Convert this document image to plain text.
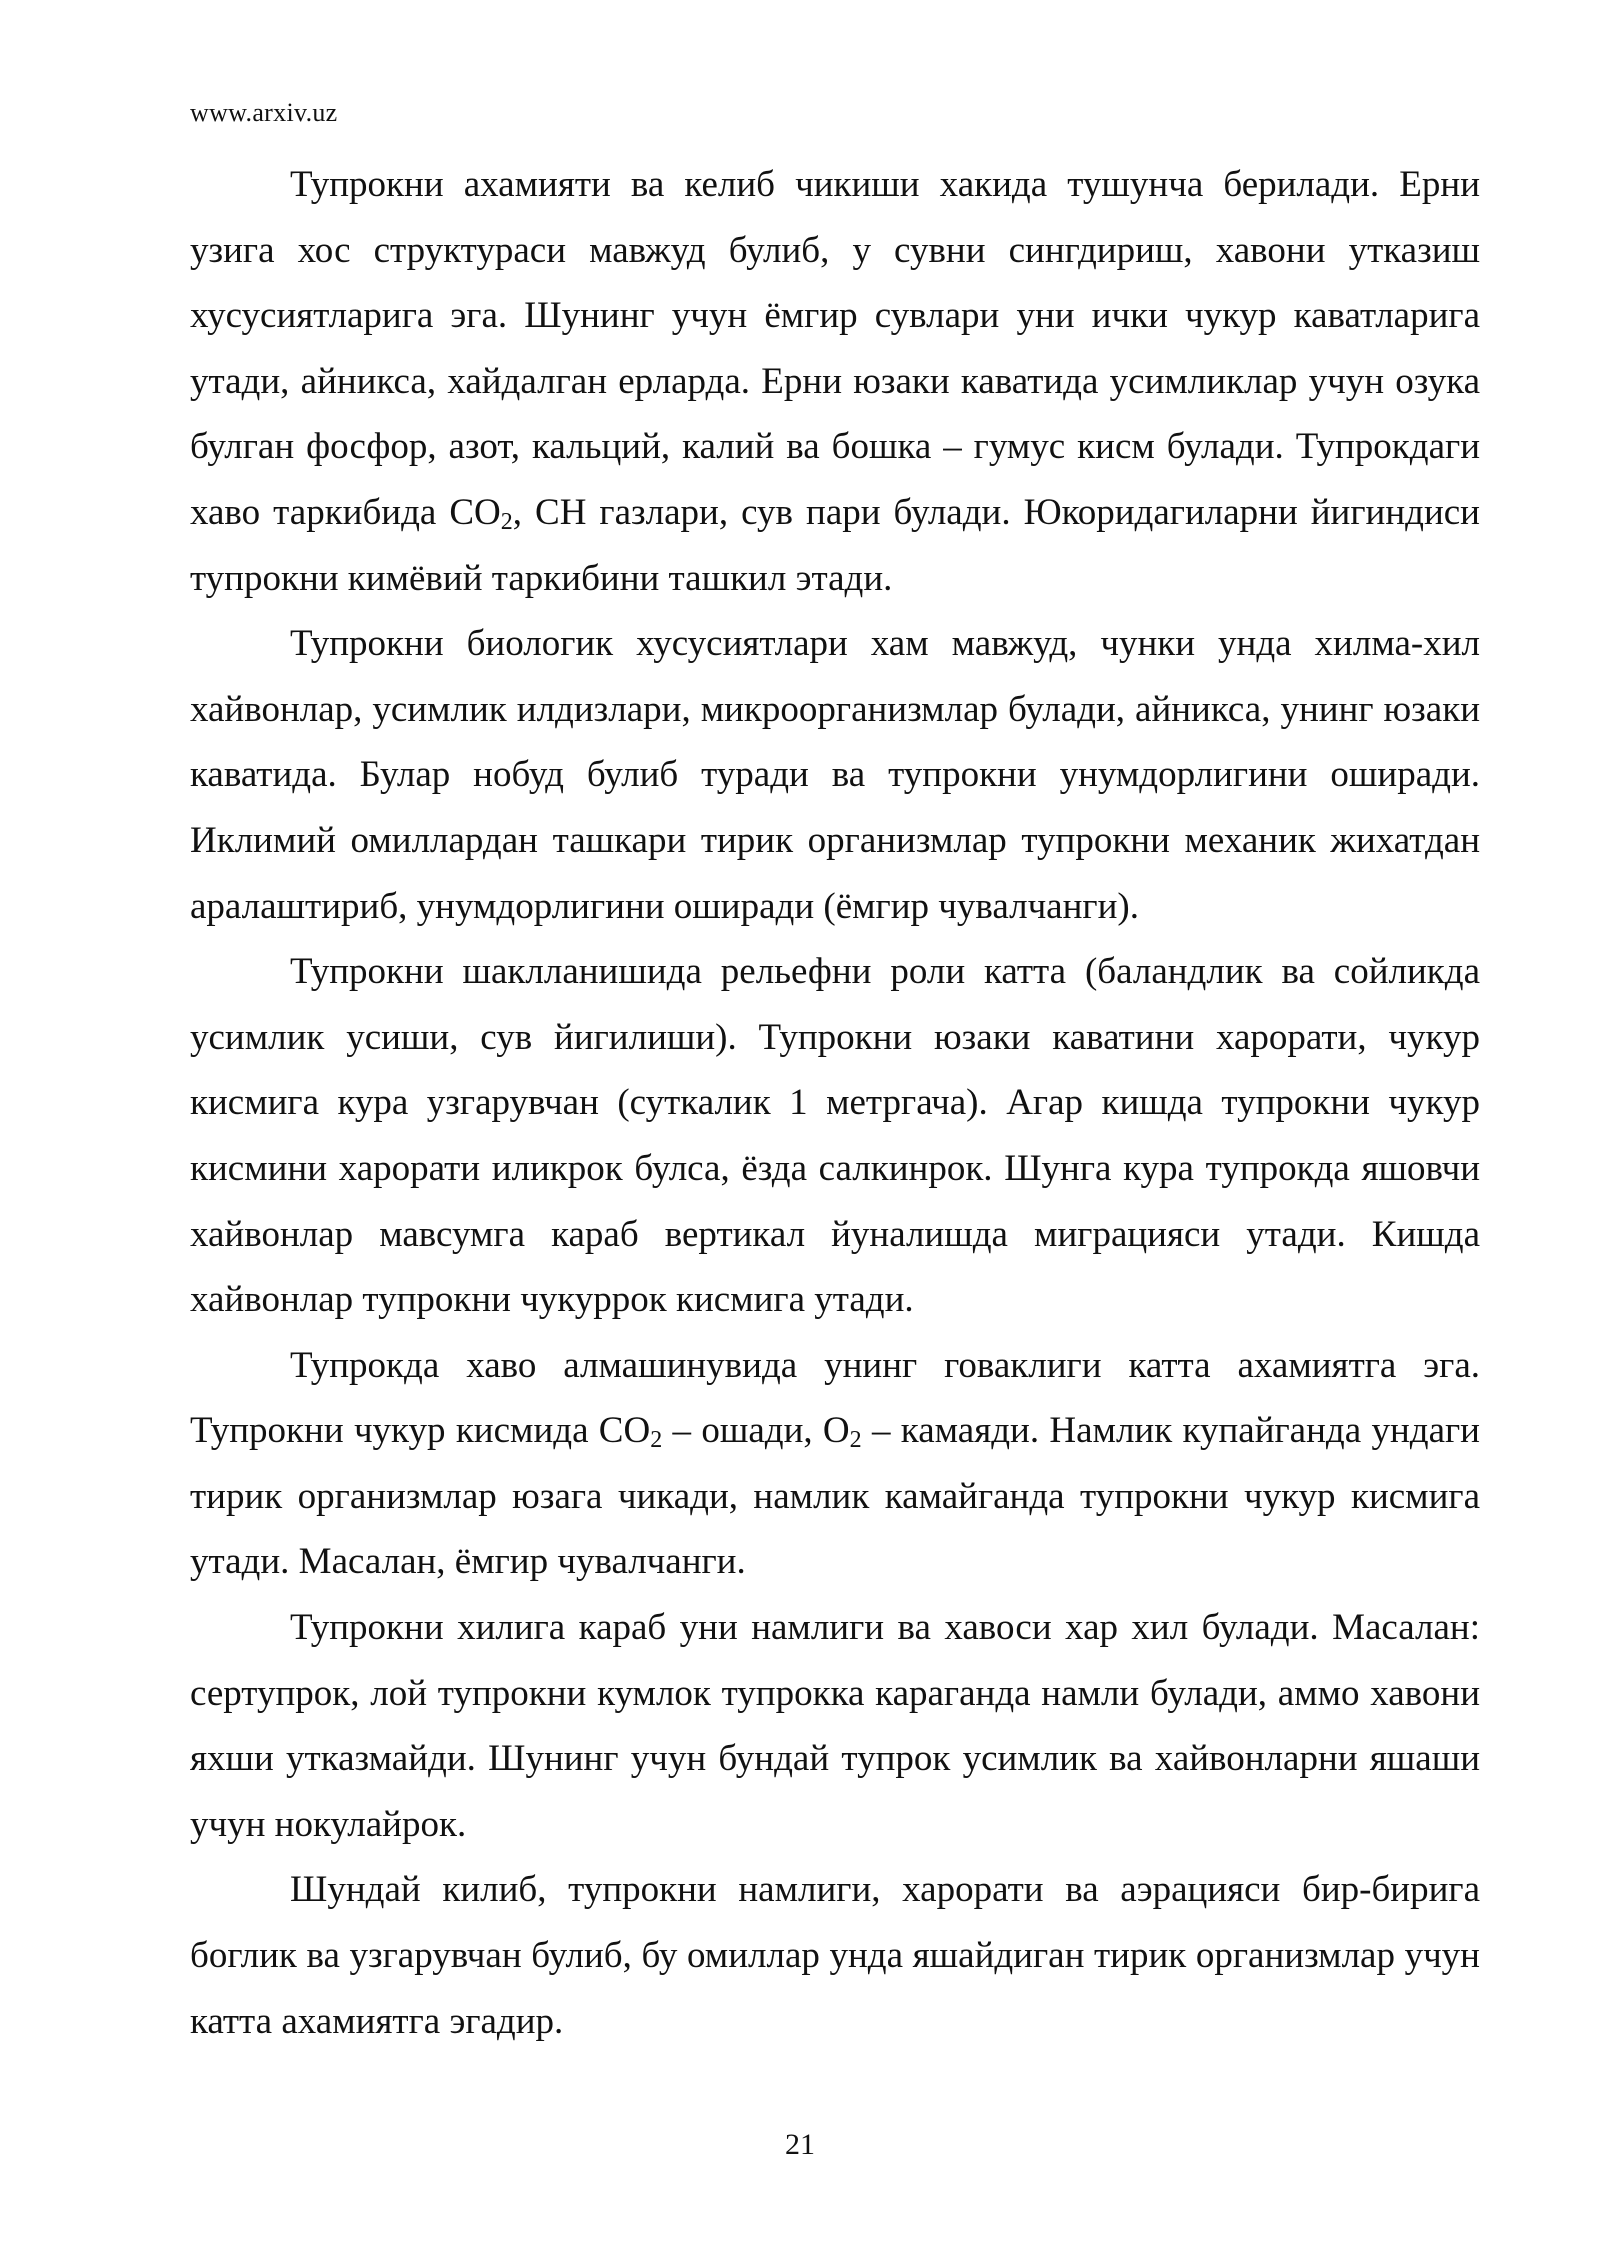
www.arxiv.uz

Тупрокни ахамияти ва келиб чикиши хакида тушунча берилади. Ерни узига хос структураси мавжуд булиб, у сувни сингдириш, хавони утказиш хусусиятларига эга. Шунинг учун ёмгир сувлари уни ички чукур каватларига утади, айникса, хайдалган ерларда. Ерни юзаки каватида усимликлар учун озука булган фосфор, азот, кальций, калий ва бошка – гумус кисм булади. Тупрокдаги хаво таркибида $СО_2$, СН газлари, сув пари булади. Юкоридагиларни йигиндиси тупрокни кимёвий таркибини ташкил этади.

Тупрокни биологик хусусиятлари хам мавжуд, чунки унда хилма-хил хайвонлар, усимлик илдизлари, микроорганизмлар булади, айникса, унинг юзаки каватида. Булар нобуд булиб туради ва тупрокни унумдорлигини оширади. Иклимий омиллардан ташкари тирик организмлар тупрокни механик жихатдан аралаштириб, унумдорлигини оширади (ёмгир чувалчанги).

Тупрокни шаклланишида рельефни роли катта (баландлик ва сойликда усимлик усиши, сув йигилиши). Тупрокни юзаки каватини харорати, чукур кисмига кура узгарувчан (суткалик 1 метргача). Агар кишда тупрокни чукур кисмини харорати иликрок булса, ёзда салкинрок. Шунга кура тупрокда яшовчи хайвонлар мавсумга караб вертикал йуналишда миграцияси утади. Кишда хайвонлар тупрокни чукуррок кисмига утади.

Тупрокда хаво алмашинувида унинг говаклиги катта ахамиятга эга. Тупрокни чукур кисмида $СО_2$ – ошади, $О_2$ – камаяди. Намлик купайганда ундаги тирик организмлар юзага чикади, намлик камайганда тупрокни чукур кисмига утади. Масалан, ёмгир чувалчанги.

Тупрокни хилига караб уни намлиги ва хавоси хар хил булади. Масалан: сертупрок, лой тупрокни кумлок тупрокка караганда намли булади, аммо хавони яхши утказмайди. Шунинг учун бундай тупрок усимлик ва хайвонларни яшаши учун нокулайрок.

Шундай килиб, тупрокни намлиги, харорати ва аэрацияси бир-бирига боглик ва узгарувчан булиб, бу омиллар унда яшайдиган тирик организмлар учун катта ахамиятга эгадир.

21
